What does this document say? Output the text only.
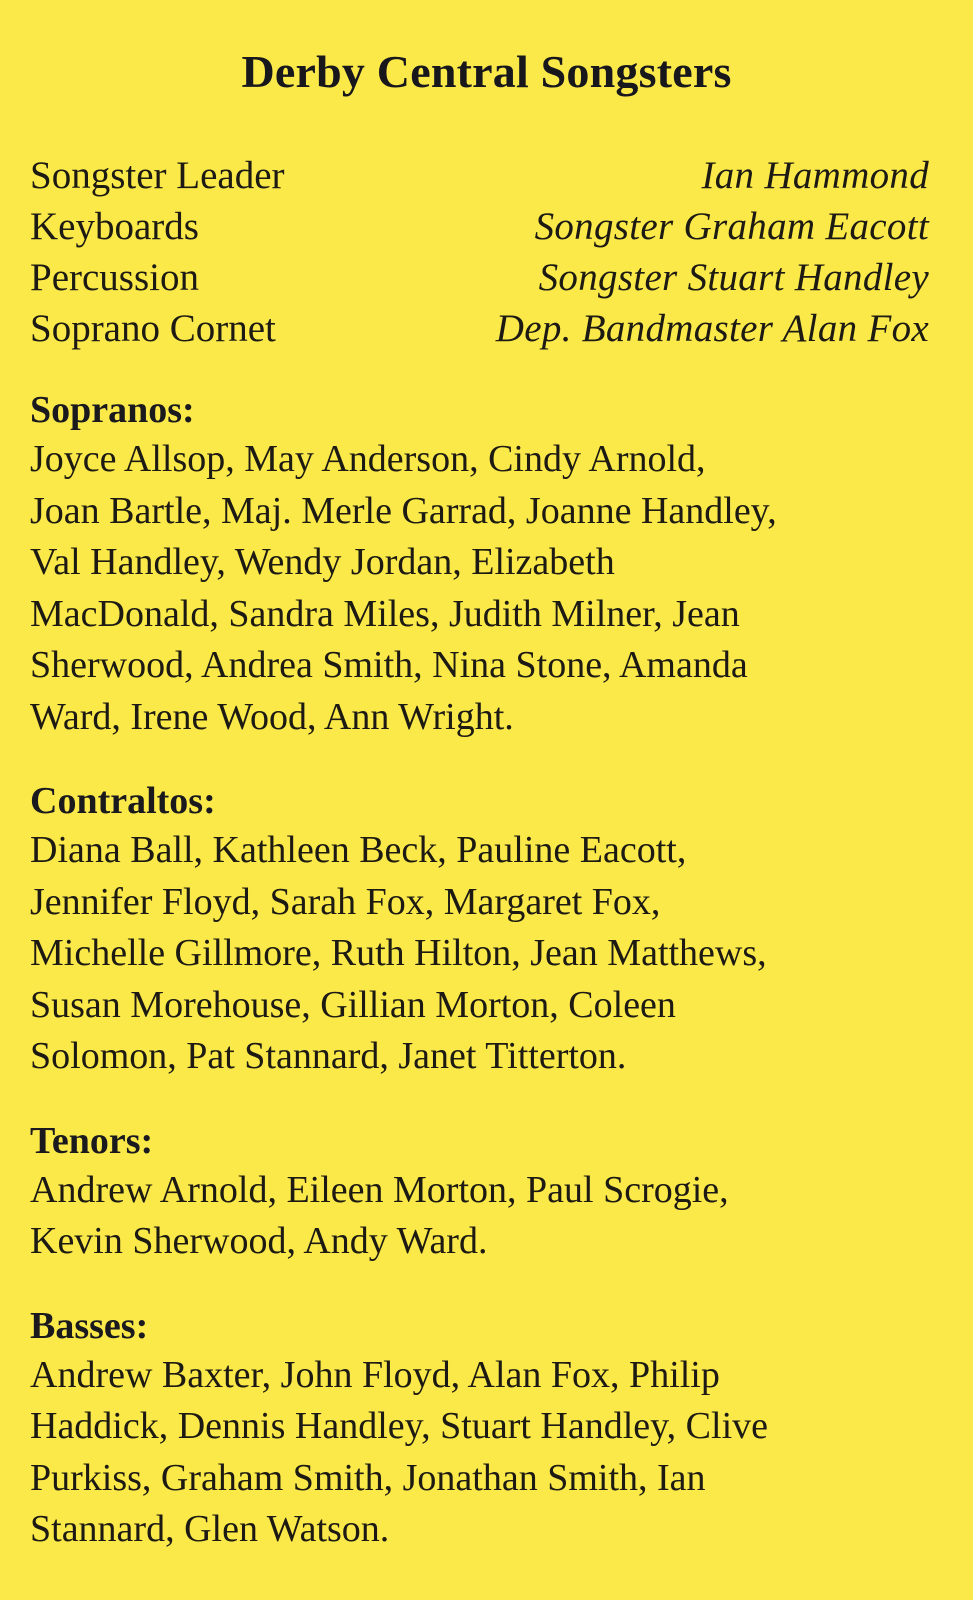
Derby Central Songsters
Songster Leader	Ian Hammond
Keyboards	Songster Graham Eacott
Percussion	Songster Stuart Handley
Soprano Cornet	Dep. Bandmaster Alan Fox
Sopranos:

Joyce Allsop, May Anderson, Cindy Arnold,
Joan Bartle, Maj. Merle Garrad, Joanne Handley,
Val Handley, Wendy Jordan, Elizabeth
MacDonald, Sandra Miles, Judith Milner, Jean
Sherwood, Andrea Smith, Nina Stone, Amanda
Ward, Irene Wood, Ann Wright.

Contraltos:

Diana Ball, Kathleen Beck, Pauline Eacott,
Jennifer Floyd, Sarah Fox, Margaret Fox,
Michelle Gillmore, Ruth Hilton, Jean Matthews,
Susan Morehouse, Gillian Morton, Coleen
Solomon, Pat Stannard, Janet Titterton.

Tenors:

Andrew Arnold, Eileen Morton, Paul Scrogie,
Kevin Sherwood, Andy Ward.

Basses:

Andrew Baxter, John Floyd, Alan Fox, Philip
Haddick, Dennis Handley, Stuart Handley, Clive
Purkiss, Graham Smith, Jonathan Smith, Ian
Stannard, Glen Watson.
